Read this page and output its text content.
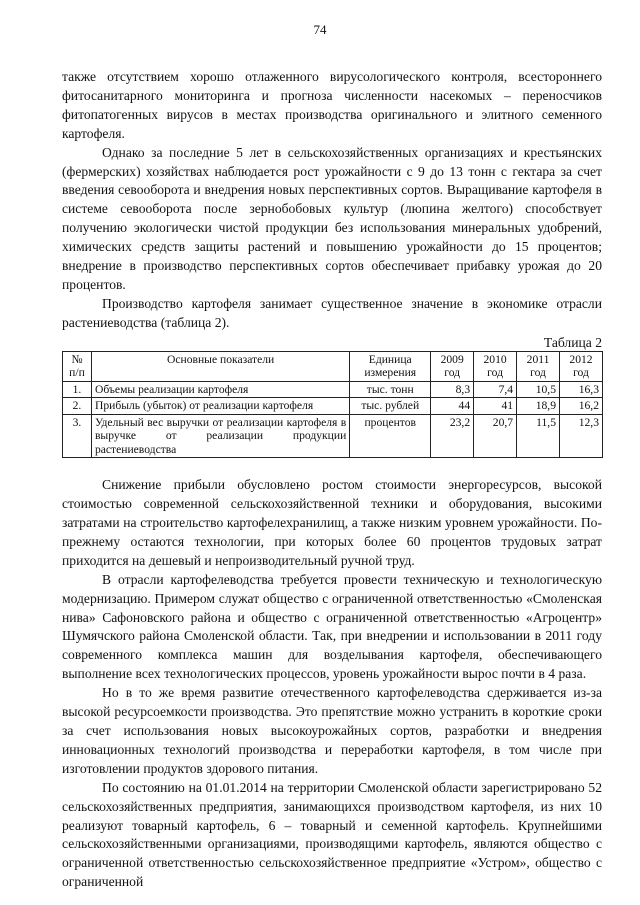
74

также отсутствием хорошо отлаженного вирусологического контроля, всестороннего фитосанитарного мониторинга и прогноза численности насекомых – переносчиков фитопатогенных вирусов в местах производства оригинального и элитного семенного картофеля.

Однако за последние 5 лет в сельскохозяйственных организациях и крестьянских (фермерских) хозяйствах наблюдается рост урожайности с 9 до 13 тонн с гектара за счет введения севооборота и внедрения новых перспективных сортов. Выращивание картофеля в системе севооборота после зернобобовых культур (люпина желтого) способствует получению экологически чистой продукции без использования минеральных удобрений, химических средств защиты растений и повышению урожайности до 15 процентов; внедрение в производство перспективных сортов обеспечивает прибавку урожая до 20 процентов.

Производство картофеля занимает существенное значение в экономике отрасли растениеводства (таблица 2).

Таблица 2
№ п/п	Основные показатели	Единица измерения	2009 год	2010 год	2011 год	2012 год
1.	Объемы реализации картофеля	тыс. тонн	8,3	7,4	10,5	16,3
2.	Прибыль (убыток) от реализации картофеля	тыс. рублей	44	41	18,9	16,2
3.	Удельный вес выручки от реализации картофеля в выручке от реализации продукции растениеводства	процентов	23,2	20,7	11,5	12,3

Снижение прибыли обусловлено ростом стоимости энергоресурсов, высокой стоимостью современной сельскохозяйственной техники и оборудования, высокими затратами на строительство картофелехранилищ, а также низким уровнем урожайности. По-прежнему остаются технологии, при которых более 60 процентов трудовых затрат приходится на дешевый и непроизводительный ручной труд.

В отрасли картофелеводства требуется провести техническую и технологическую модернизацию. Примером служат общество с ограниченной ответственностью «Смоленская нива» Сафоновского района и общество с ограниченной ответственностью «Агроцентр» Шумячского района Смоленской области. Так, при внедрении и использовании в 2011 году современного комплекса машин для возделывания картофеля, обеспечивающего выполнение всех технологических процессов, уровень урожайности вырос почти в 4 раза.

Но в то же время развитие отечественного картофелеводства сдерживается из-за высокой ресурсоемкости производства. Это препятствие можно устранить в короткие сроки за счет использования новых высокоурожайных сортов, разработки и внедрения инновационных технологий производства и переработки картофеля, в том числе при изготовлении продуктов здорового питания.

По состоянию на 01.01.2014 на территории Смоленской области зарегистрировано 52 сельскохозяйственных предприятия, занимающихся производством картофеля, из них 10 реализуют товарный картофель, 6 – товарный и семенной картофель. Крупнейшими сельскохозяйственными организациями, производящими картофель, являются общество с ограниченной ответственностью сельскохозяйственное предприятие «Устром», общество с ограниченной
